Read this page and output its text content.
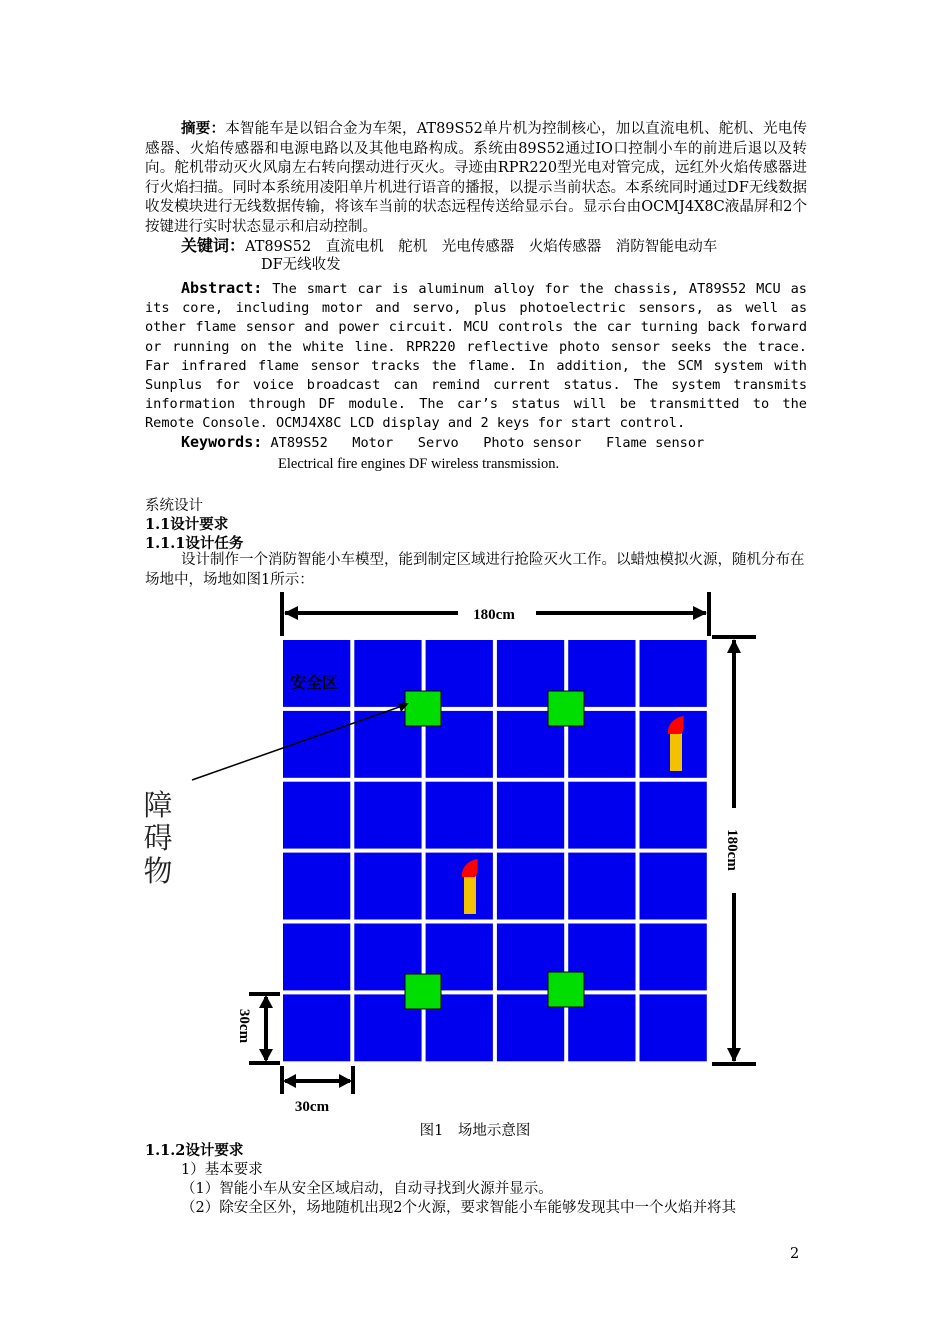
摘要：本智能车是以铝合金为车架，AT89S52单片机为控制核心，加以直流电机、舵机、光电传感器、火焰传感器和电源电路以及其他电路构成。系统由89S52通过IO口控制小车的前进后退以及转向。舵机带动灭火风扇左右转向摆动进行灭火。寻迹由RPR220型光电对管完成，远红外火焰传感器进行火焰扫描。同时本系统用凌阳单片机进行语音的播报，以提示当前状态。本系统同时通过DF无线数据收发模块进行无线数据传输，将该车当前的状态远程传送给显示台。显示台由OCMJ4X8C液晶屏和2个按键进行实时状态显示和启动控制。
关键词：AT89S52　直流电机　舵机　光电传感器　火焰传感器　消防智能电动车
DF无线收发
Abstract: The smart car is aluminum alloy for the chassis, AT89S52 MCU as its core, including motor and servo, plus photoelectric sensors, as well as other flame sensor and power circuit. MCU controls the car turning back forward or running on the white line. RPR220 reflective photo sensor seeks the trace. Far infrared flame sensor tracks the flame. In addition, the SCM system with Sunplus for voice broadcast can remind current status. The system transmits information through DF module. The car’s status will be transmitted to the Remote Console. OCMJ4X8C LCD display and 2 keys for start control.
Keywords: AT89S52   Motor   Servo   Photo sensor   Flame sensor
Electrical fire engines DF wireless transmission.
系统设计
1.1设计要求
1.1.1设计任务
设计制作一个消防智能小车模型，能到制定区域进行抢险灭火工作。以蜡烛模拟火源，随机分布在场地中，场地如图1所示：
安全区
障
碍
物
180cm
180cm
30cm
30cm
图1　场地示意图
1.1.2设计要求
1）基本要求
（1）智能小车从安全区域启动，自动寻找到火源并显示。
（2）除安全区外，场地随机出现2个火源，要求智能小车能够发现其中一个火焰并将其
2
